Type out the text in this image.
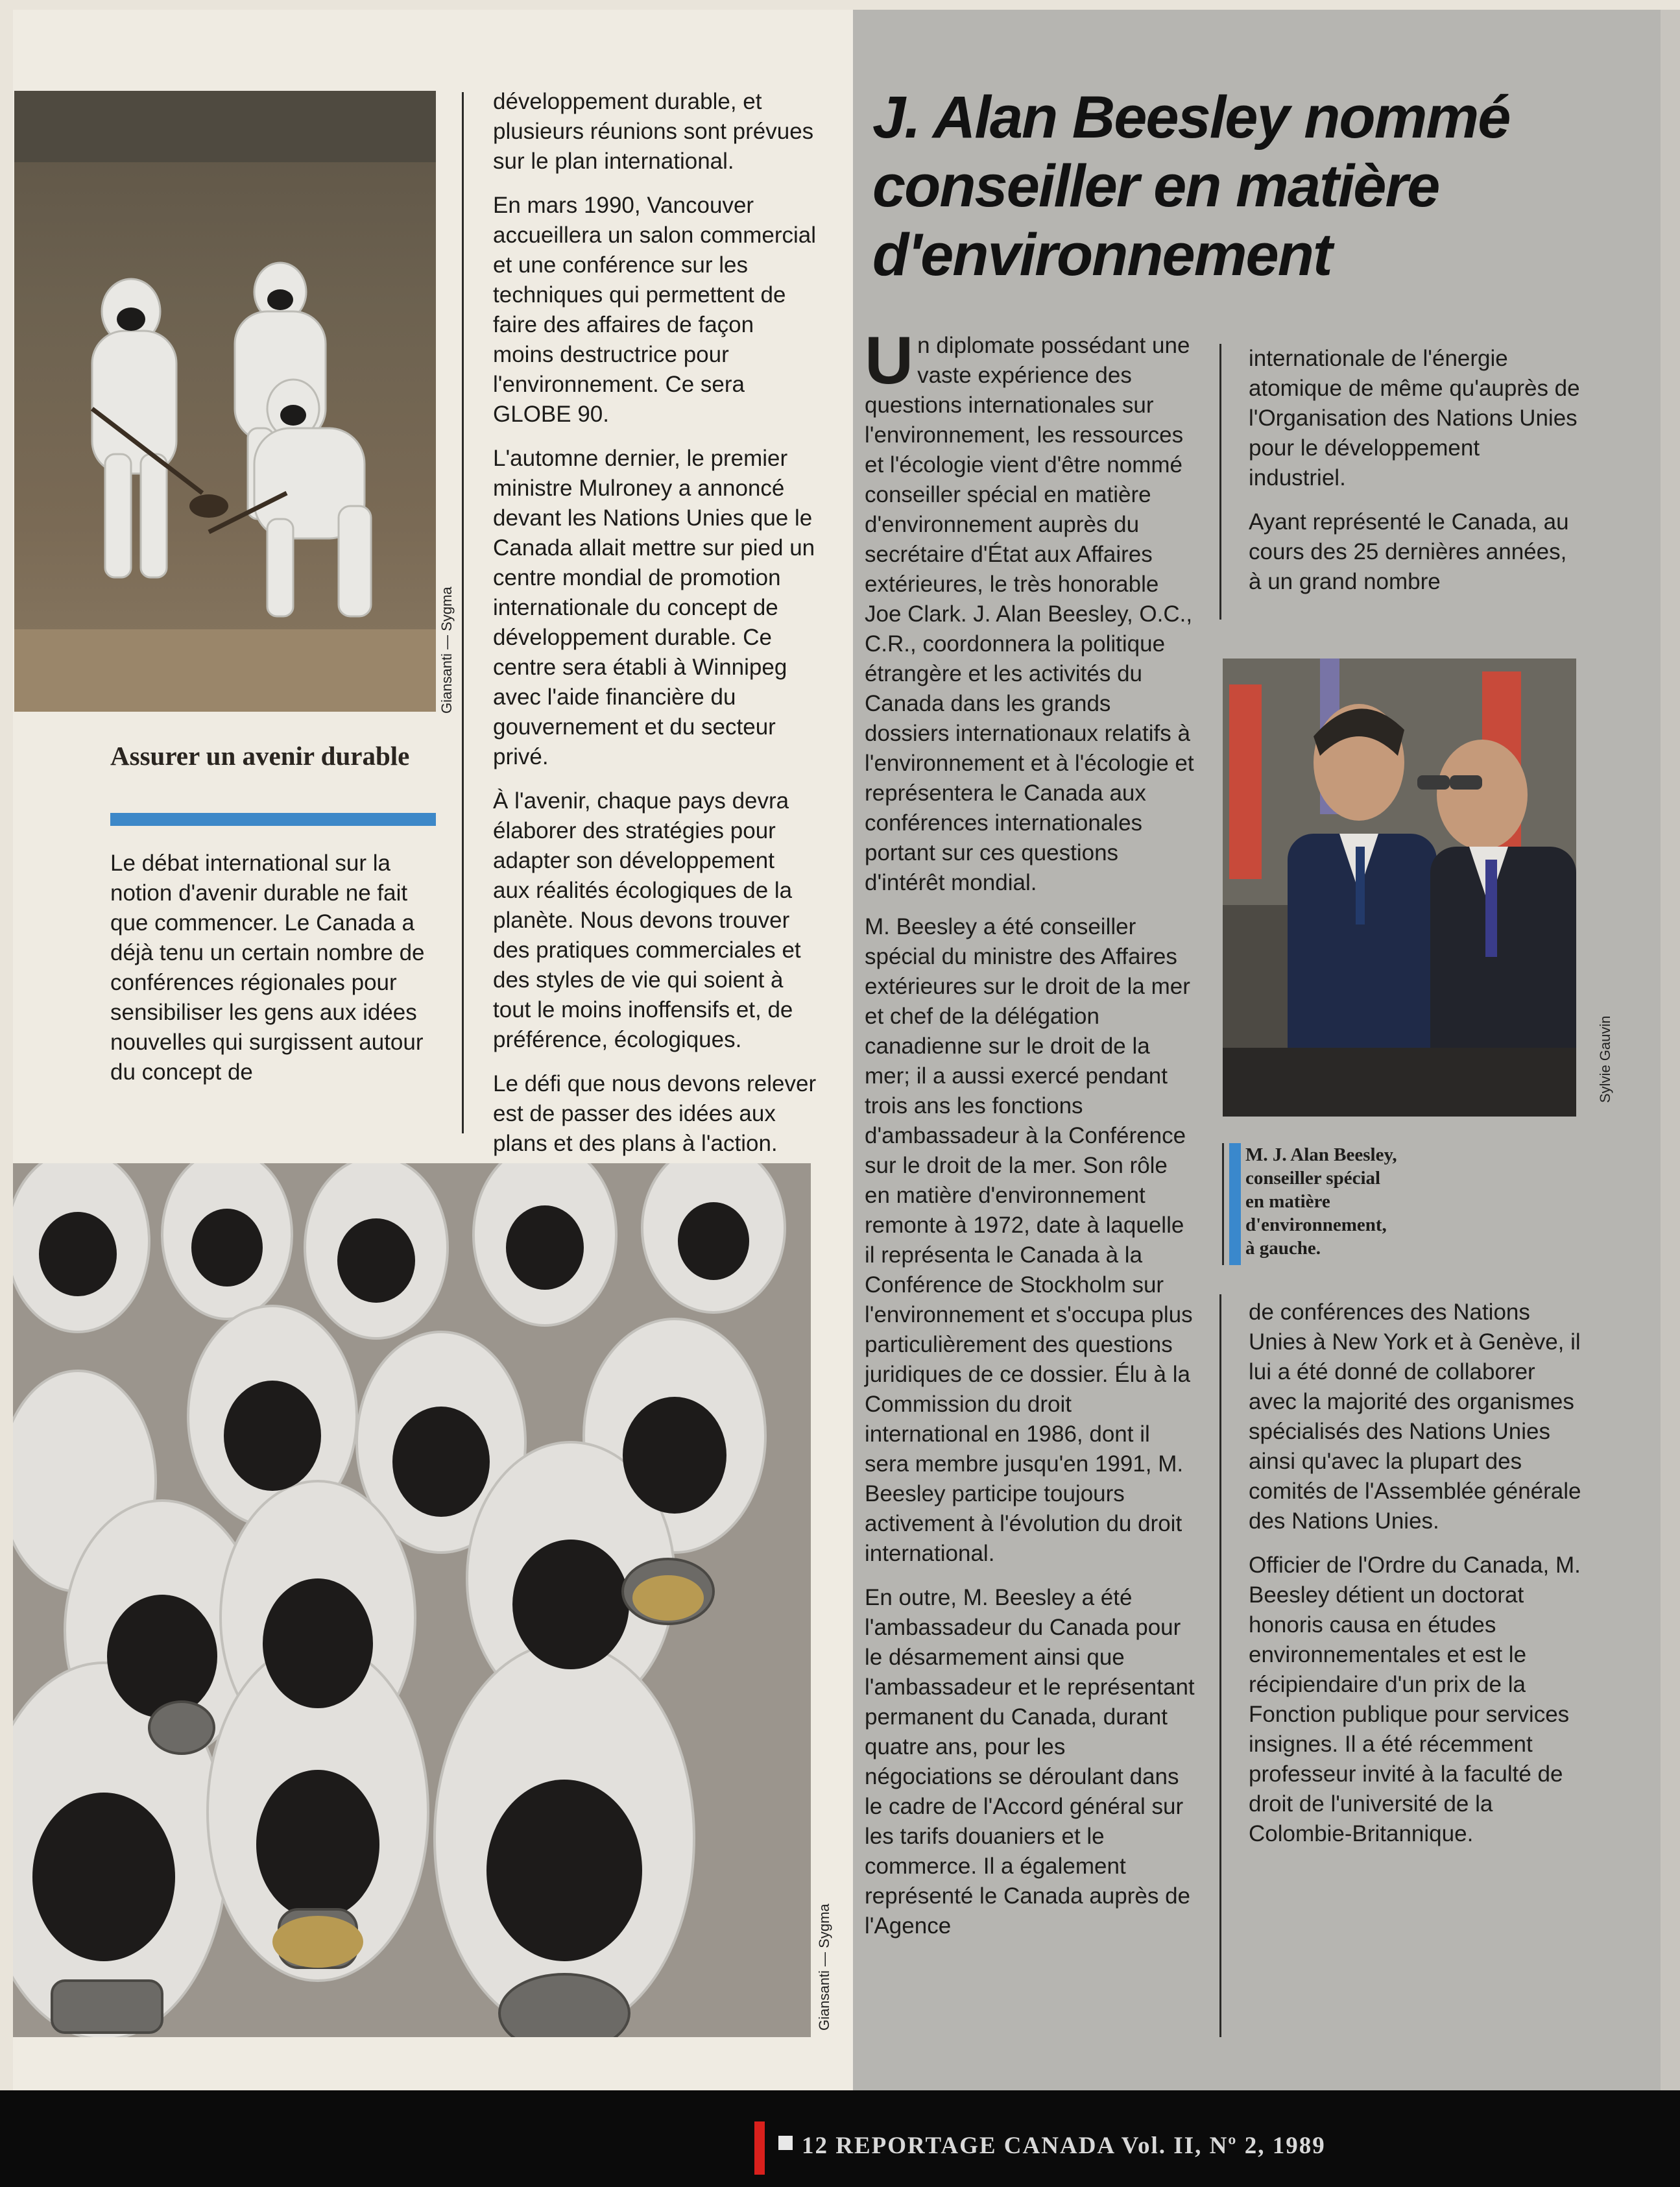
Giansanti — Sygma
Assurer un avenir durable

Le débat international sur la notion d'avenir durable ne fait que commencer. Le Canada a déjà tenu un certain nombre de conférences régionales pour sensibiliser les gens aux idées nouvelles qui surgissent autour du concept de

développement durable, et plusieurs réunions sont prévues sur le plan international.

En mars 1990, Vancouver accueillera un salon commercial et une conférence sur les techniques qui permettent de faire des affaires de façon moins destructrice pour l'environnement. Ce sera GLOBE 90.

L'automne dernier, le premier ministre Mulroney a annoncé devant les Nations Unies que le Canada allait mettre sur pied un centre mondial de promotion internationale du concept de développement durable. Ce centre sera établi à Winnipeg avec l'aide financière du gouvernement et du secteur privé.

À l'avenir, chaque pays devra élaborer des stratégies pour adapter son développement aux réalités écologiques de la planète. Nous devons trouver des pratiques commerciales et des styles de vie qui soient à tout le moins inoffensifs et, de préférence, écologiques.

Le défi que nous devons relever est de passer des idées aux plans et des plans à l'action.

Giansanti — Sygma
J. Alan Beesley nommé conseiller en matière d'environnement

Un diplomate possédant une vaste expérience des questions internationales sur l'environnement, les ressources et l'écologie vient d'être nommé conseiller spécial en matière d'environnement auprès du secrétaire d'État aux Affaires extérieures, le très honorable Joe Clark. J. Alan Beesley, O.C., C.R., coordonnera la politique étrangère et les activités du Canada dans les grands dossiers internationaux relatifs à l'environnement et à l'écologie et représentera le Canada aux conférences internationales portant sur ces questions d'intérêt mondial.

M. Beesley a été conseiller spécial du ministre des Affaires extérieures sur le droit de la mer et chef de la délégation canadienne sur le droit de la mer; il a aussi exercé pendant trois ans les fonctions d'ambassadeur à la Conférence sur le droit de la mer. Son rôle en matière d'environnement remonte à 1972, date à laquelle il représenta le Canada à la Conférence de Stockholm sur l'environnement et s'occupa plus particulièrement des questions juridiques de ce dossier. Élu à la Commission du droit international en 1986, dont il sera membre jusqu'en 1991, M. Beesley participe toujours activement à l'évolution du droit international.

En outre, M. Beesley a été l'ambassadeur du Canada pour le désarmement ainsi que l'ambassadeur et le représentant permanent du Canada, durant quatre ans, pour les négociations se déroulant dans le cadre de l'Accord général sur les tarifs douaniers et le commerce. Il a également représenté le Canada auprès de l'Agence

internationale de l'énergie atomique de même qu'auprès de l'Organisation des Nations Unies pour le développement industriel.

Ayant représenté le Canada, au cours des 25 dernières années, à un grand nombre

Sylvie Gauvin
M. J. Alan Beesley,
conseiller spécial
en matière
d'environnement,
à gauche.

de conférences des Nations Unies à New York et à Genève, il lui a été donné de collaborer avec la majorité des organismes spécialisés des Nations Unies ainsi qu'avec la plupart des comités de l'Assemblée générale des Nations Unies.

Officier de l'Ordre du Canada, M. Beesley détient un doctorat honoris causa en études environnementales et est le récipiendaire d'un prix de la Fonction publique pour services insignes. Il a été récemment professeur invité à la faculté de droit de l'université de la Colombie-Britannique.

12 REPORTAGE CANADA Vol. II, Nº 2, 1989
